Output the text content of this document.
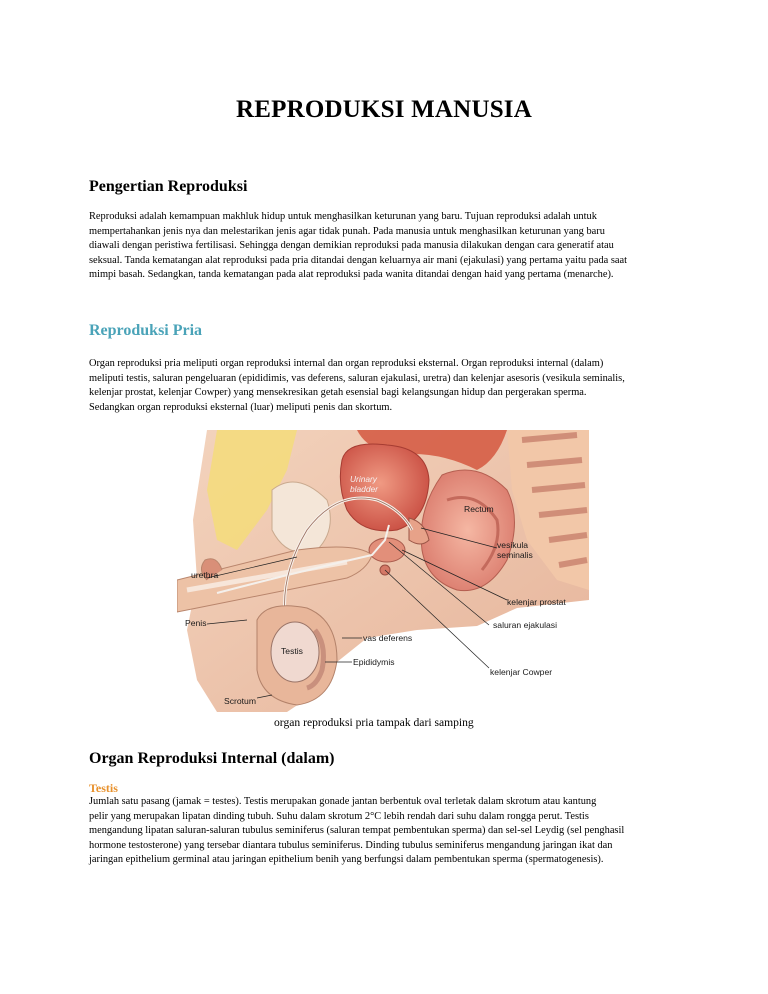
REPRODUKSI MANUSIA
Pengertian Reproduksi
Reproduksi adalah kemampuan makhluk hidup untuk menghasilkan keturunan yang baru. Tujuan reproduksi adalah untuk
mempertahankan jenis nya dan melestarikan jenis agar tidak punah. Pada manusia untuk menghasilkan keturunan yang baru
diawali dengan peristiwa fertilisasi. Sehingga dengan demikian reproduksi pada manusia dilakukan dengan cara generatif atau
seksual. Tanda kematangan alat reproduksi pada pria ditandai dengan keluarnya air mani (ejakulasi) yang pertama yaitu pada saat
mimpi basah. Sedangkan, tanda kematangan pada alat reproduksi pada wanita ditandai dengan haid yang pertama (menarche).
Reproduksi Pria
Organ reproduksi pria meliputi organ reproduksi internal dan organ reproduksi eksternal. Organ reproduksi internal (dalam)
meliputi testis, saluran pengeluaran (epididimis, vas deferens, saluran ejakulasi, uretra) dan kelenjar asesoris (vesikula seminalis,
kelenjar prostat, kelenjar Cowper) yang mensekresikan getah esensial bagi kelangsungan hidup dan pergerakan sperma.
Sedangkan organ reproduksi eksternal (luar) meliputi penis dan skortum.
Urinary
bladder
Rectum
vesikula
seminalis
urethra
kelenjar prostat
Penis	saluran ejakulasi
Testis
vas deferens
Epididymis
kelenjar Cowper
Scrotum
organ reproduksi pria tampak dari samping
Organ Reproduksi Internal (dalam)
Testis
Jumlah satu pasang (jamak = testes). Testis merupakan gonade jantan berbentuk oval terletak dalam skrotum atau kantung
pelir yang merupakan lipatan dinding tubuh. Suhu dalam skrotum 2°C lebih rendah dari suhu dalam rongga perut. Testis
mengandung lipatan saluran-saluran tubulus seminiferus (saluran tempat pembentukan sperma) dan sel-sel Leydig (sel penghasil
hormone testosterone) yang tersebar diantara tubulus seminiferus. Dinding tubulus seminiferus mengandung jaringan ikat dan
jaringan epithelium germinal atau jaringan epithelium benih yang berfungsi dalam pembentukan sperma (spermatogenesis).
